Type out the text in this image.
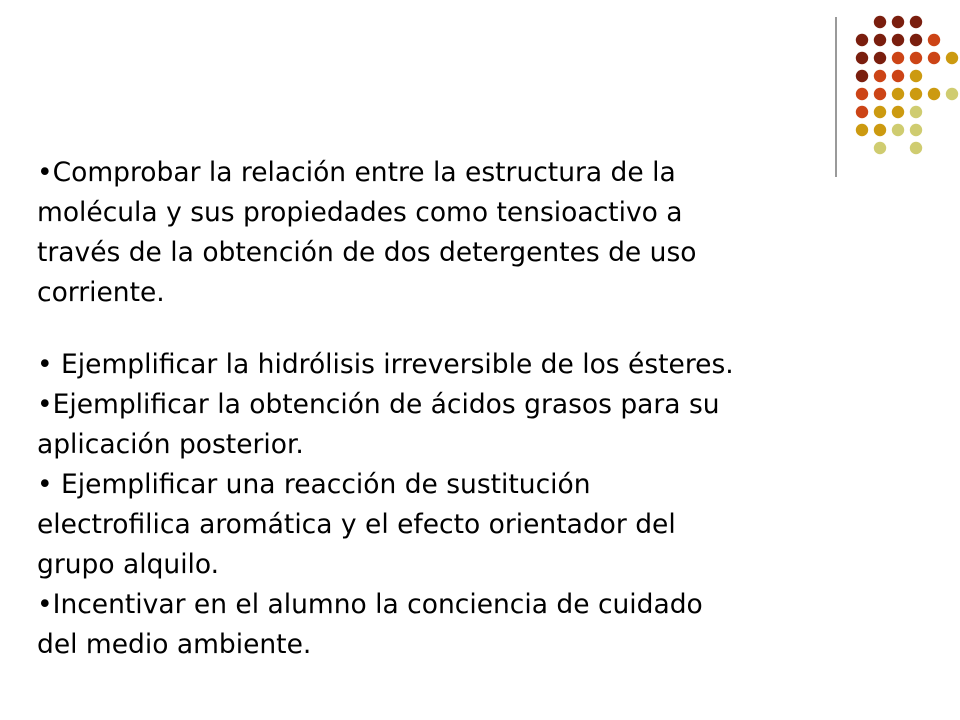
•Comprobar la relación entre la estructura de la
molécula y sus propiedades como tensioactivo a
través de la obtención de dos detergentes de uso
corriente.
• Ejemplificar la hidrólisis irreversible de los ésteres.
•Ejemplificar la obtención de ácidos grasos para su
aplicación posterior.
• Ejemplificar una reacción de sustitución
electrofilica aromática y el efecto orientador del
grupo alquilo.
•Incentivar en el alumno la conciencia de cuidado
del medio ambiente.
